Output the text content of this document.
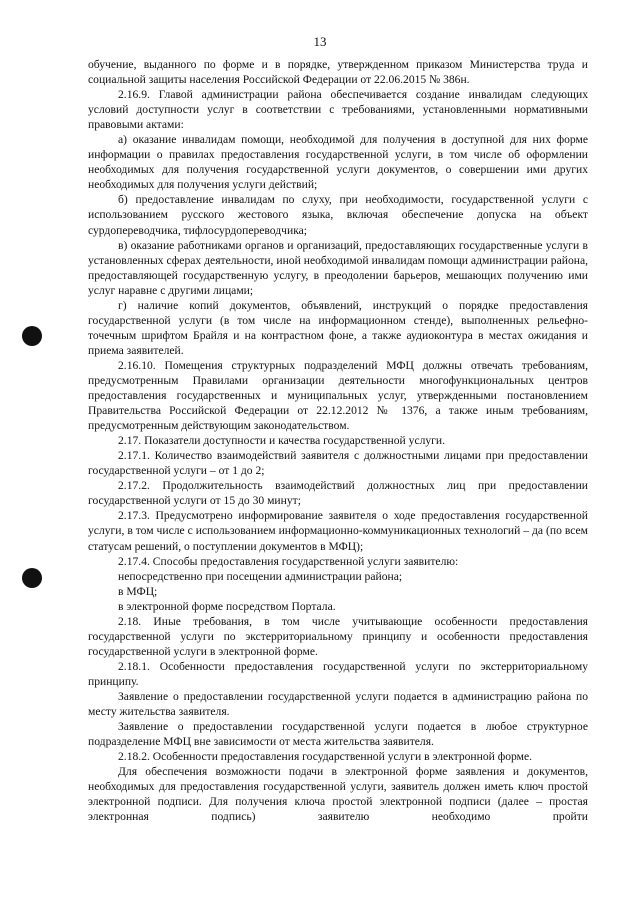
13

обучение, выданного по форме и в порядке, утвержденном приказом Министерства труда и социальной защиты населения Российской Федерации от 22.06.2015 № 386н.

2.16.9. Главой администрации района обеспечивается создание инвалидам следующих условий доступности услуг в соответствии с требованиями, установленными нормативными правовыми актами:

а) оказание инвалидам помощи, необходимой для получения в доступной для них форме информации о правилах предоставления государственной услуги, в том числе об оформлении необходимых для получения государственной услуги документов, о совершении ими других необходимых для получения услуги действий;

б) предоставление инвалидам по слуху, при необходимости, государственной услуги с использованием русского жестового языка, включая обеспечение допуска на объект сурдопереводчика, тифлосурдопереводчика;

в) оказание работниками органов и организаций, предоставляющих государственные услуги в установленных сферах деятельности, иной необходимой инвалидам помощи администрации района, предоставляющей государственную услугу, в преодолении барьеров, мешающих получению ими услуг наравне с другими лицами;

г) наличие копий документов, объявлений, инструкций о порядке предоставления государственной услуги (в том числе на информационном стенде), выполненных рельефно-точечным шрифтом Брайля и на контрастном фоне, а также аудиоконтура в местах ожидания и приема заявителей.

2.16.10. Помещения структурных подразделений МФЦ должны отвечать требованиям, предусмотренным Правилами организации деятельности многофункциональных центров предоставления государственных и муниципальных услуг, утвержденными постановлением Правительства Российской Федерации от 22.12.2012 № 1376, а также иным требованиям, предусмотренным действующим законодательством.

2.17. Показатели доступности и качества государственной услуги.

2.17.1. Количество взаимодействий заявителя с должностными лицами при предоставлении государственной услуги – от 1 до 2;

2.17.2. Продолжительность взаимодействий должностных лиц при предоставлении государственной услуги от 15 до 30 минут;

2.17.3. Предусмотрено информирование заявителя о ходе предоставления государственной услуги, в том числе с использованием информационно-коммуникационных технологий – да (по всем статусам решений, о поступлении документов в МФЦ);

2.17.4. Способы предоставления государственной услуги заявителю:

непосредственно при посещении администрации района;

в МФЦ;

в электронной форме посредством Портала.

2.18. Иные требования, в том числе учитывающие особенности предоставления государственной услуги по экстерриториальному принципу и особенности предоставления государственной услуги в электронной форме.

2.18.1. Особенности предоставления государственной услуги по экстерриториальному принципу.

Заявление о предоставлении государственной услуги подается в администрацию района по месту жительства заявителя.

Заявление о предоставлении государственной услуги подается в любое структурное подразделение МФЦ вне зависимости от места жительства заявителя.

2.18.2. Особенности предоставления государственной услуги в электронной форме.

Для обеспечения возможности подачи в электронной форме заявления и документов, необходимых для предоставления государственной услуги, заявитель должен иметь ключ простой электронной подписи. Для получения ключа простой электронной подписи (далее – простая электронная подпись) заявителю необходимо пройти
